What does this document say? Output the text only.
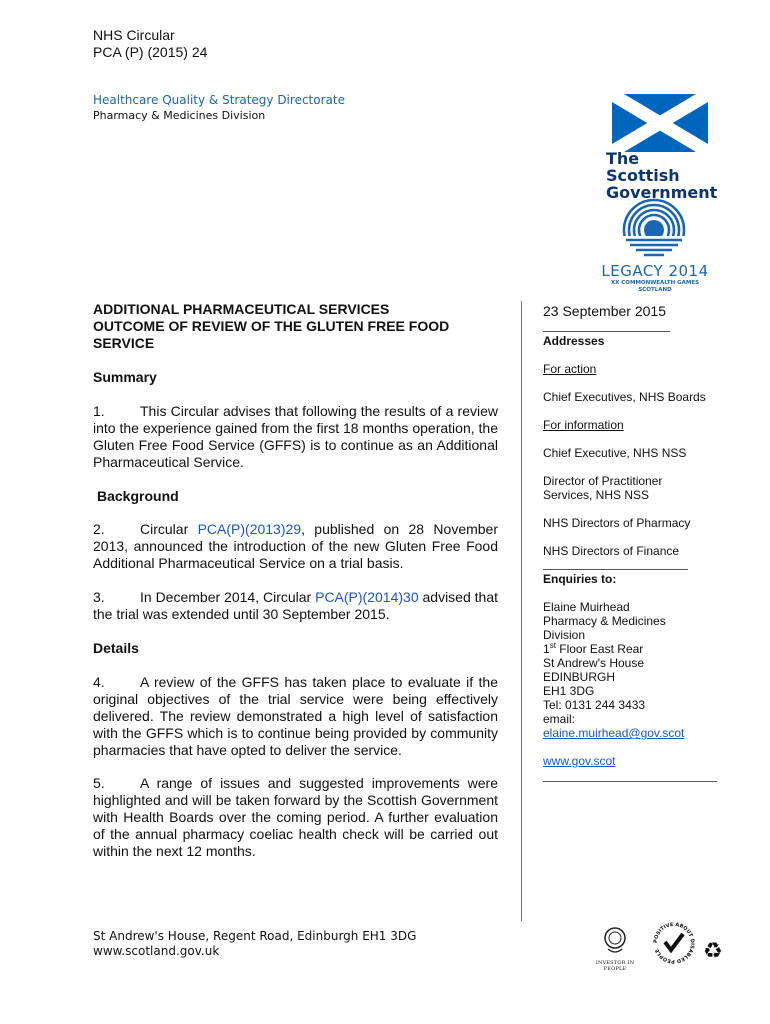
NHS Circular
PCA (P) (2015) 24
Healthcare Quality & Strategy Directorate
Pharmacy & Medicines Division
The Scottish
Government
LEGACY 2014
XX COMMONWEALTH GAMES
SCOTLAND

ADDITIONAL PHARMACEUTICAL SERVICES
OUTCOME OF REVIEW OF THE GLUTEN FREE FOOD
SERVICE

Summary

1.	This Circular advises that following the results of a review into the experience gained from the first 18 months operation, the Gluten Free Food Service (GFFS) is to continue as an Additional Pharmaceutical Service.

Background

2.	Circular PCA(P)(2013)29, published on 28 November 2013, announced the introduction of the new Gluten Free Food Additional Pharmaceutical Service on a trial basis.

3.	In December 2014, Circular PCA(P)(2014)30 advised that the trial was extended until 30 September 2015.

Details

4.	A review of the GFFS has taken place to evaluate if the original objectives of the trial service were being effectively delivered. The review demonstrated a high level of satisfaction with the GFFS which is to continue being provided by community pharmacies that have opted to deliver the service.

5.	A range of issues and suggested improvements were highlighted and will be taken forward by the Scottish Government with Health Boards over the coming period. A further evaluation of the annual pharmacy coeliac health check will be carried out within the next 12 months.

23 September 2015
Addresses
For action
Chief Executives, NHS Boards
For information
Chief Executive, NHS NSS
Director of Practitioner
Services, NHS NSS
NHS Directors of Pharmacy
NHS Directors of Finance
Enquiries to:
Elaine Muirhead
Pharmacy & Medicines
Division
1st Floor East Rear
St Andrew's House
EDINBURGH
EH1 3DG
Tel: 0131 244 3433
email:
elaine.muirhead@gov.scot
www.gov.scot
St Andrew's House, Regent Road, Edinburgh EH1 3DG
www.scotland.gov.uk
INVESTOR IN PEOPLE
POSITIVE ABOUT DISABLED PEOPLE	♻
